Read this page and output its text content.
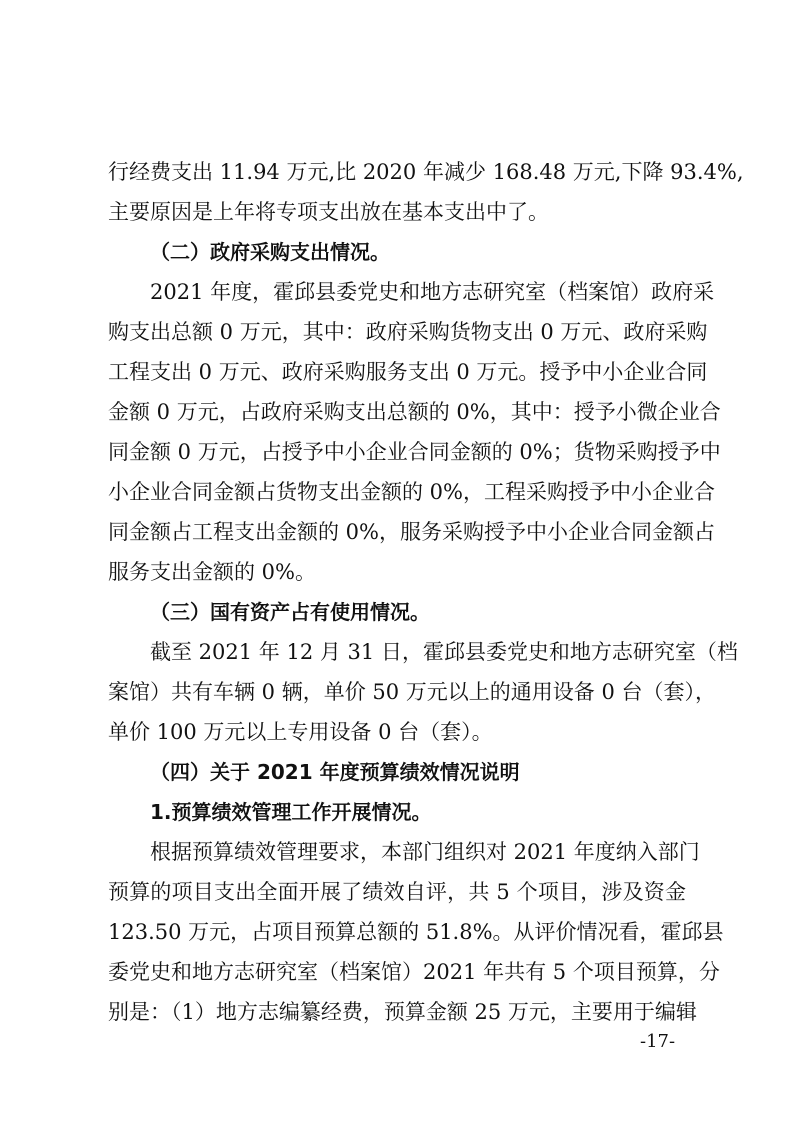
行经费支出 11.94 万元,比 2020 年减少 168.48 万元,下降 93.4%,
主要原因是上年将专项支出放在基本支出中了。
（二）政府采购支出情况。
2021 年度，霍邱县委党史和地方志研究室（档案馆）政府采
购支出总额 0 万元，其中：政府采购货物支出 0 万元、政府采购
工程支出 0 万元、政府采购服务支出 0 万元。授予中小企业合同
金额 0 万元，占政府采购支出总额的 0%，其中：授予小微企业合
同金额 0 万元，占授予中小企业合同金额的 0%；货物采购授予中
小企业合同金额占货物支出金额的 0%，工程采购授予中小企业合
同金额占工程支出金额的 0%，服务采购授予中小企业合同金额占
服务支出金额的 0%。
（三）国有资产占有使用情况。
截至 2021 年 12 月 31 日，霍邱县委党史和地方志研究室（档
案馆）共有车辆 0 辆，单价 50 万元以上的通用设备 0 台（套），
单价 100 万元以上专用设备 0 台（套）。
（四）关于 2021 年度预算绩效情况说明
1.预算绩效管理工作开展情况。
根据预算绩效管理要求，本部门组织对 2021 年度纳入部门
预算的项目支出全面开展了绩效自评，共 5 个项目，涉及资金
123.50 万元，占项目预算总额的 51.8%。从评价情况看，霍邱县
委党史和地方志研究室（档案馆）2021 年共有 5 个项目预算，分
别是：（1）地方志编纂经费，预算金额 25 万元，主要用于编辑
-17-
